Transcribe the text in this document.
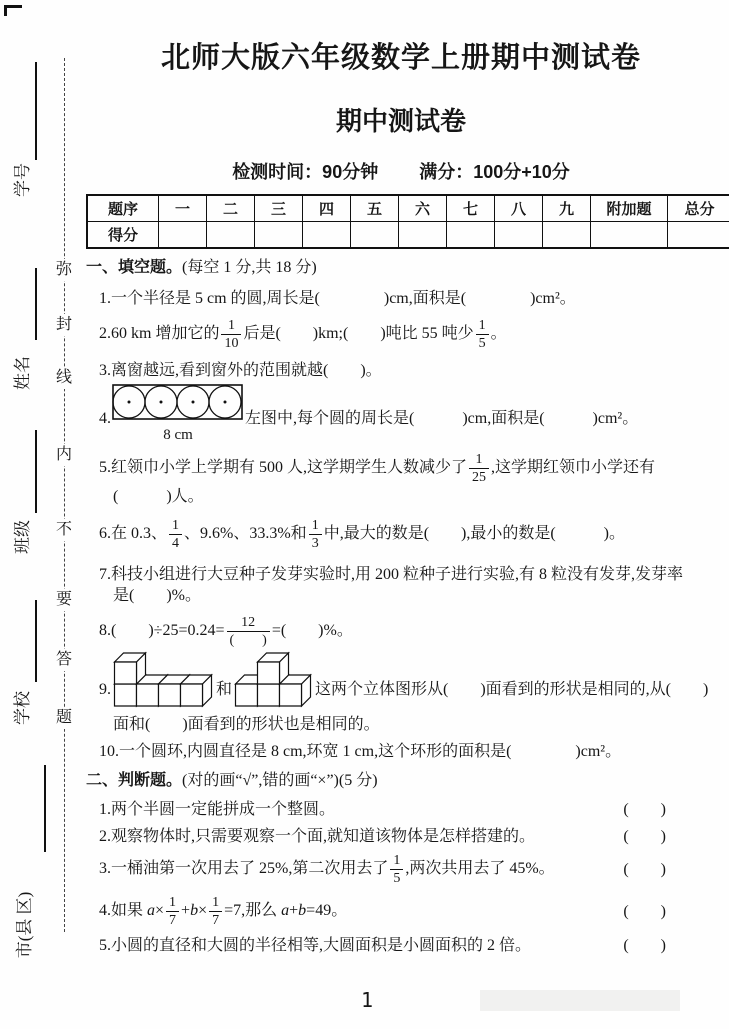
学号
姓名
班级
学校
市(县 区)
弥
封
线
内
不
要
答
题
北师大版六年级数学上册期中测试卷
期中测试卷
检测时间：90分钟 满分：100分+10分
题序	一	二	三	四	五	六	七	八	九	附加题	总分
得分											
一、填空题。(每空 1 分,共 18 分)
1.一个半径是 5 cm 的圆,周长是(　　　　)cm,面积是(　　　　)cm²。
2.60 km 增加它的 $\frac{1}{10}$ 后是(　　)km;(　　)吨比 55 吨少 $\frac{1}{5}$ 。
3.离窗越远,看到窗外的范围就越(　　)。
4.
8 cm
左图中,每个圆的周长是(　　　)cm,面积是(　　　)cm²。
5.红领巾小学上学期有 500 人,这学期学生人数减少了 $\frac{1}{25}$ ,这学期红领巾小学还有
(　　　)人。
6.在 0.3、 $\frac{1}{4}$ 、9.6%、33.3%和 $\frac{1}{3}$ 中,最大的数是(　　),最小的数是(　　　)。
7.科技小组进行大豆种子发芽实验时,用 200 粒种子进行实验,有 8 粒没有发芽,发芽率
是(　　)%。
8.(　　)$\div 25=0.24= \frac{12}{( )}$ =(　　)%。
9.	和	这两个立体图形从(　　)面看到的形状是相同的,从(　　)
面和(　　)面看到的形状也是相同的。
10.一个圆环,内圆直径是 8 cm,环宽 1 cm,这个环形的面积是(　　　　)cm²。
二、判断题。(对的画“√”,错的画“×”)(5 分)
1.两个半圆一定能拼成一个整圆。	(　　)
2.观察物体时,只需要观察一个面,就知道该物体是怎样搭建的。	(　　)
3.一桶油第一次用去了 25%,第二次用去了 $\frac{1}{5}$ ,两次共用去了 45%。	(　　)
4.如果 $a\times \frac{1}{7} +b\times \frac{1}{7} =7$,那么 a+b=49。	(　　)
5.小圆的直径和大圆的半径相等,大圆面积是小圆面积的 2 倍。	(　　)
1
